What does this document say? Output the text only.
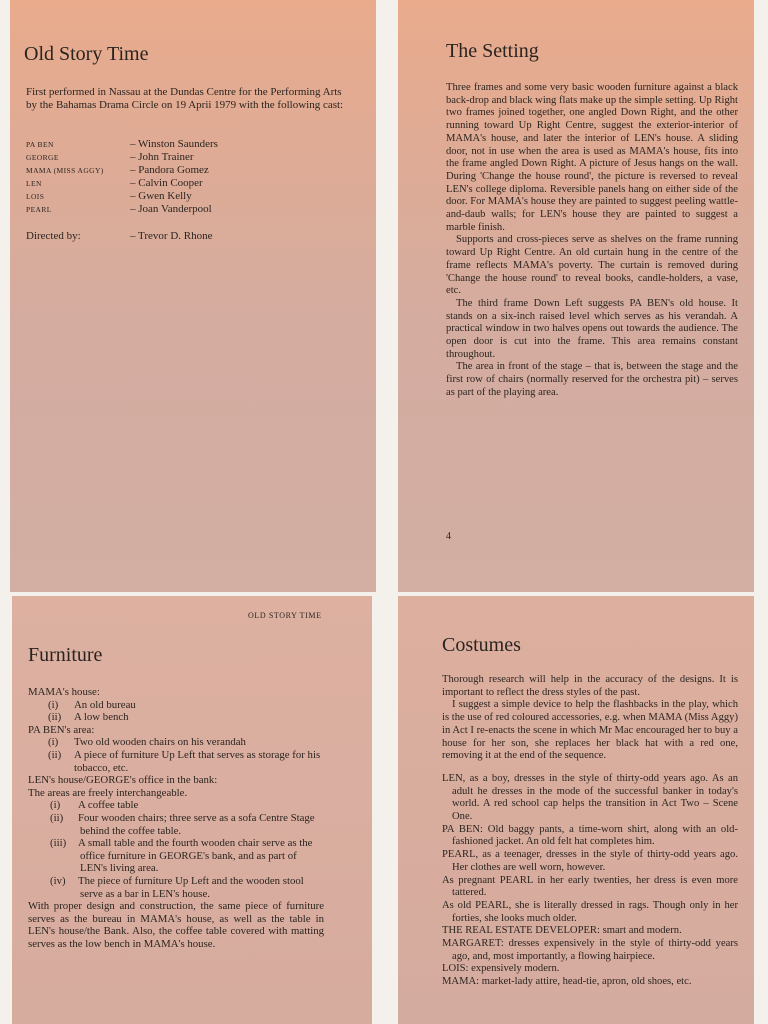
Old Story Time
First performed in Nassau at the Dundas Centre for the Performing Arts by the Bahamas Drama Circle on 19 Aprii 1979 with the following cast:
PA BEN	– Winston Saunders
GEORGE	– John Trainer
MAMA (MISS AGGY) – Pandora Gomez
LEN	– Calvin Cooper
LOIS	– Gwen Kelly
PEARL	– Joan Vanderpool
Directed by:	– Trevor D. Rhone
The Setting

Three frames and some very basic wooden furniture against a black back-drop and black wing flats make up the simple setting. Up Right two frames joined together, one angled Down Right, and the other running toward Up Right Centre, suggest the exterior-interior of MAMA's house, and later the interior of LEN's house. A sliding door, not in use when the area is used as MAMA's house, fits into the frame angled Down Right. A picture of Jesus hangs on the wall. During 'Change the house round', the picture is reversed to reveal LEN's college diploma. Reversible panels hang on either side of the door. For MAMA's house they are painted to suggest peeling wattle-and-daub walls; for LEN's house they are painted to suggest a marble finish.

Supports and cross-pieces serve as shelves on the frame running toward Up Right Centre. An old curtain hung in the centre of the frame reflects MAMA's poverty. The curtain is removed during 'Change the house round' to reveal books, candle-holders, a vase, etc.

The third frame Down Left suggests PA BEN's old house. It stands on a six-inch raised level which serves as his verandah. A practical window in two halves opens out towards the audience. The open door is cut into the frame. This area remains constant throughout.

The area in front of the stage – that is, between the stage and the first row of chairs (normally reserved for the orchestra pit) – serves as part of the playing area.

4
Furniture

MAMA's house:

(i) An old bureau

(ii) A low bench

PA BEN's area:

(i) Two old wooden chairs on his verandah

(ii) A piece of furniture Up Left that serves as storage for his tobacco, etc.

LEN's house/GEORGE's office in the bank:

The areas are freely interchangeable.

(i) A coffee table

(ii) Four wooden chairs; three serve as a sofa Centre Stage behind the coffee table.

(iii) A small table and the fourth wooden chair serve as the office furniture in GEORGE's bank, and as part of LEN's living area.

(iv) The piece of furniture Up Left and the wooden stool serve as a bar in LEN's house.

With proper design and construction, the same piece of furniture serves as the bureau in MAMA's house, as well as the table in LEN's house/the Bank. Also, the coffee table covered with matting serves as the low bench in MAMA's house.

OLD STORY TIME
Costumes

Thorough research will help in the accuracy of the designs. It is important to reflect the dress styles of the past.

I suggest a simple device to help the flashbacks in the play, which is the use of red coloured accessories, e.g. when MAMA (Miss Aggy) in Act I re-enacts the scene in which Mr Mac encouraged her to buy a house for her son, she replaces her black hat with a red one, removing it at the end of the sequence.

LEN, as a boy, dresses in the style of thirty-odd years ago. As an adult he dresses in the mode of the successful banker in today's world. A red school cap helps the transition in Act Two – Scene One.

PA BEN: Old baggy pants, a time-worn shirt, along with an old-fashioned jacket. An old felt hat completes him.

PEARL, as a teenager, dresses in the style of thirty-odd years ago. Her clothes are well worn, however.

As pregnant PEARL in her early twenties, her dress is even more tattered.

As old PEARL, she is literally dressed in rags. Though only in her forties, she looks much older.

THE REAL ESTATE DEVELOPER: smart and modern.

MARGARET: dresses expensively in the style of thirty-odd years ago, and, most importantly, a flowing hairpiece.

LOIS: expensively modern.

MAMA: market-lady attire, head-tie, apron, old shoes, etc.
